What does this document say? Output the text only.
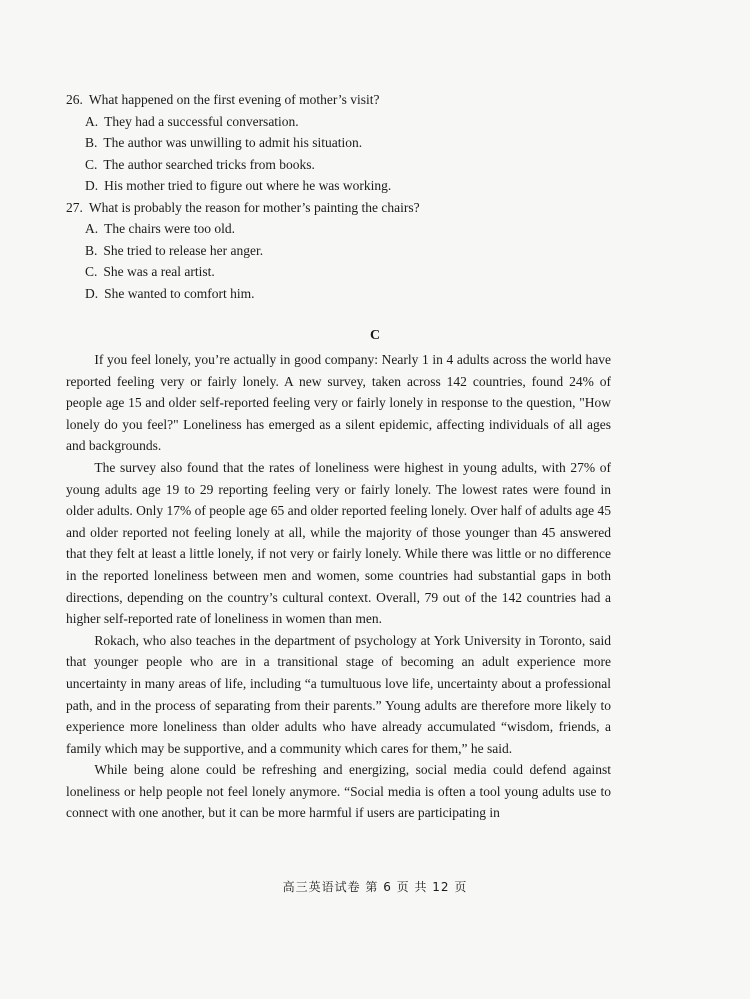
26. What happened on the first evening of mother’s visit?
A. They had a successful conversation.
B. The author was unwilling to admit his situation.
C. The author searched tricks from books.
D. His mother tried to figure out where he was working.
27. What is probably the reason for mother’s painting the chairs?
A. The chairs were too old.
B. She tried to release her anger.
C. She was a real artist.
D. She wanted to comfort him.
C

If you feel lonely, you’re actually in good company: Nearly 1 in 4 adults across the world have reported feeling very or fairly lonely. A new survey, taken across 142 countries, found 24% of people age 15 and older self-reported feeling very or fairly lonely in response to the question, "How lonely do you feel?" Loneliness has emerged as a silent epidemic, affecting individuals of all ages and backgrounds.

The survey also found that the rates of loneliness were highest in young adults, with 27% of young adults age 19 to 29 reporting feeling very or fairly lonely. The lowest rates were found in older adults. Only 17% of people age 65 and older reported feeling lonely. Over half of adults age 45 and older reported not feeling lonely at all, while the majority of those younger than 45 answered that they felt at least a little lonely, if not very or fairly lonely. While there was little or no difference in the reported loneliness between men and women, some countries had substantial gaps in both directions, depending on the country’s cultural context. Overall, 79 out of the 142 countries had a higher self-reported rate of loneliness in women than men.

Rokach, who also teaches in the department of psychology at York University in Toronto, said that younger people who are in a transitional stage of becoming an adult experience more uncertainty in many areas of life, including “a tumultuous love life, uncertainty about a professional path, and in the process of separating from their parents.” Young adults are therefore more likely to experience more loneliness than older adults who have already accumulated “wisdom, friends, a family which may be supportive, and a community which cares for them,” he said.

While being alone could be refreshing and energizing, social media could defend against loneliness or help people not feel lonely anymore. “Social media is often a tool young adults use to connect with one another, but it can be more harmful if users are participating in

高三英语试卷 第 6 页 共 12 页
